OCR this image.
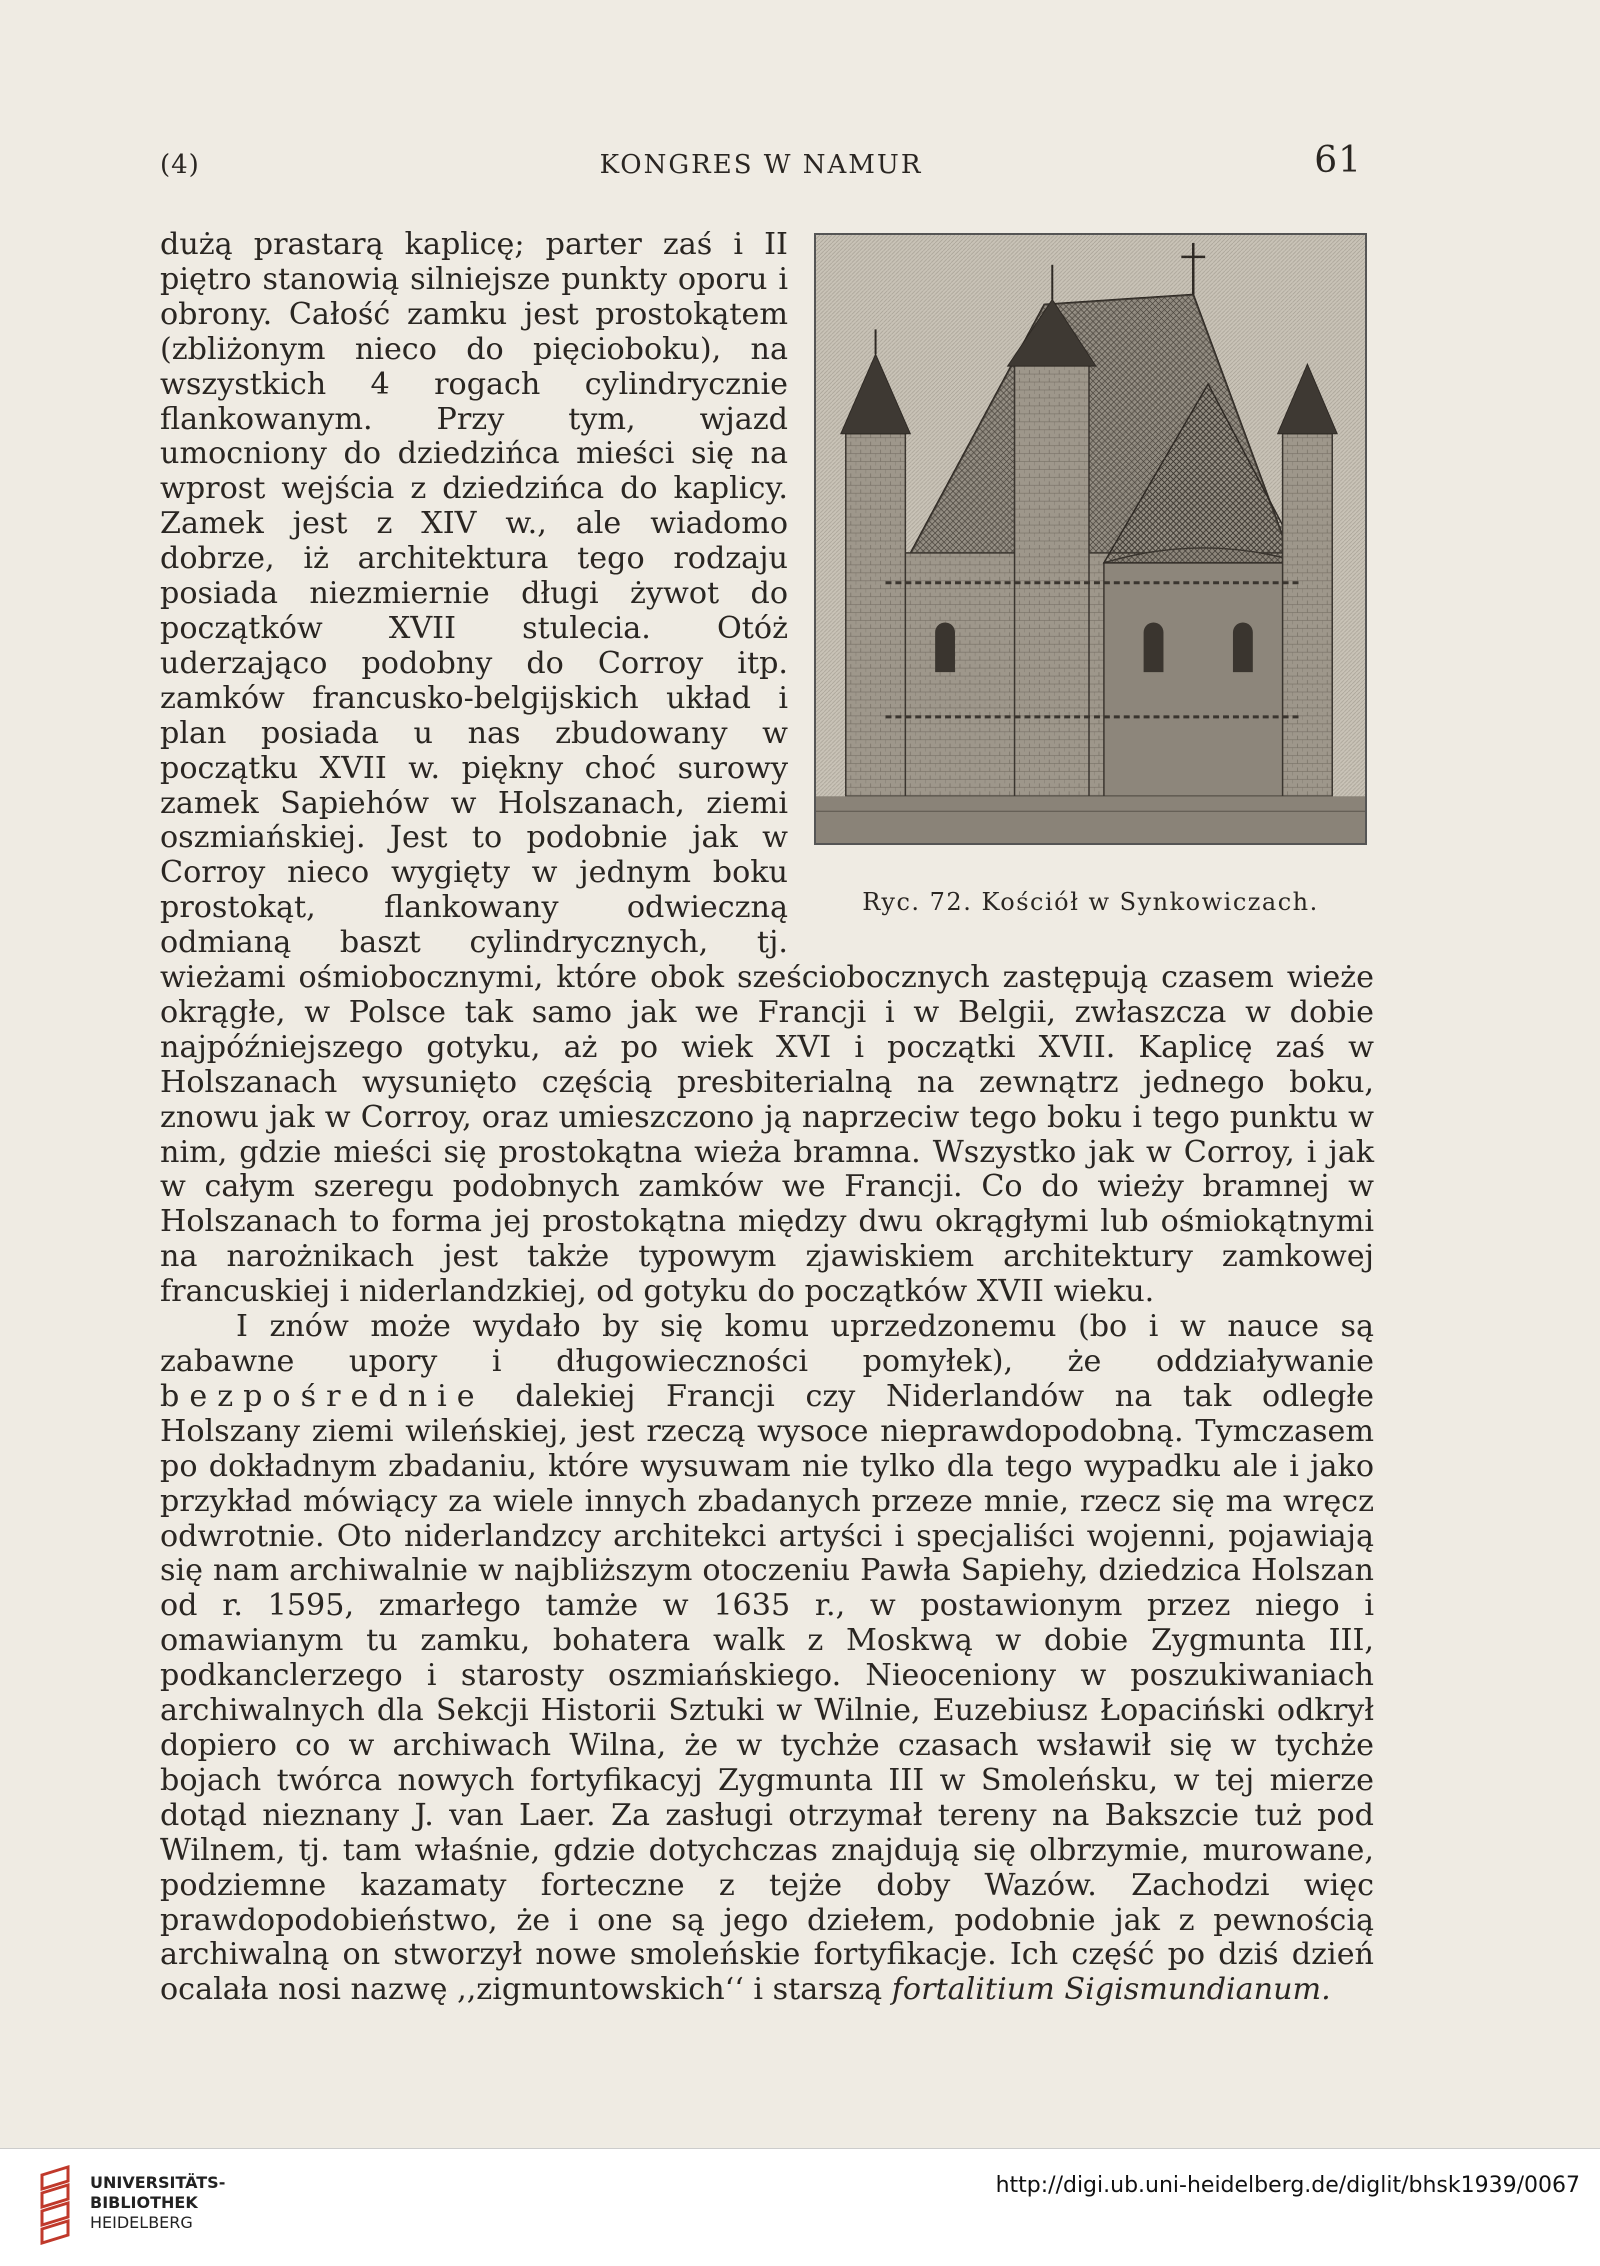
(4)	KONGRES W NAMUR	61
Ryc. 72. Kościół w Synkowiczach.

dużą prastarą kaplicę; parter zaś i II piętro stanowią silniejsze punkty oporu i obrony. Całość zamku jest prostokątem (zbliżonym nieco do pięcioboku), na wszystkich 4 rogach cylindrycznie flankowanym. Przy tym, wjazd umocniony do dziedzińca mieści się na wprost wejścia z dziedzińca do kaplicy. Zamek jest z XIV w., ale wiadomo dobrze, iż architektura tego rodzaju posiada niezmiernie długi żywot do początków XVII stulecia. Otóż uderzająco podobny do Corroy itp. zamków francusko-belgijskich układ i plan posiada u nas zbudowany w początku XVII w. piękny choć surowy zamek Sapiehów w Holszanach, ziemi oszmiańskiej. Jest to podobnie jak w Corroy nieco wygięty w jednym boku prostokąt, flankowany odwieczną odmianą baszt cylindrycznych, tj. wieżami ośmiobocznymi, które obok sześciobocznych zastępują czasem wieże okrągłe, w Polsce tak samo jak we Francji i w Belgii, zwłaszcza w dobie najpóźniejszego gotyku, aż po wiek XVI i początki XVII. Kaplicę zaś w Holszanach wysunięto częścią presbiterialną na zewnątrz jednego boku, znowu jak w Corroy, oraz umieszczono ją naprzeciw tego boku i tego punktu w nim, gdzie mieści się prostokątna wieża bramna. Wszystko jak w Corroy, i jak w całym szeregu podobnych zamków we Francji. Co do wieży bramnej w Holszanach to forma jej prostokątna między dwu okrągłymi lub ośmiokątnymi na narożnikach jest także typowym zjawiskiem architektury zamkowej francuskiej i niderlandzkiej, od gotyku do początków XVII wieku.

I znów może wydało by się komu uprzedzonemu (bo i w nauce są zabawne upory i długowieczności pomyłek), że oddziaływanie bezpośrednie dalekiej Francji czy Niderlandów na tak odległe Holszany ziemi wileńskiej, jest rzeczą wysoce nieprawdopodobną. Tymczasem po dokładnym zbadaniu, które wysuwam nie tylko dla tego wypadku ale i jako przykład mówiący za wiele innych zbadanych przeze mnie, rzecz się ma wręcz odwrotnie. Oto niderlandzcy architekci artyści i specjaliści wojenni, pojawiają się nam archiwalnie w najbliższym otoczeniu Pawła Sapiehy, dziedzica Holszan od r. 1595, zmarłego tamże w 1635 r., w postawionym przez niego i omawianym tu zamku, bohatera walk z Moskwą w dobie Zygmunta III, podkanclerzego i starosty oszmiańskiego. Nieoceniony w poszukiwaniach archiwalnych dla Sekcji Historii Sztuki w Wilnie, Euzebiusz Łopaciński odkrył dopiero co w archiwach Wilna, że w tychże czasach wsławił się w tychże bojach twórca nowych fortyfikacyj Zygmunta III w Smoleńsku, w tej mierze dotąd nieznany J. van Laer. Za zasługi otrzymał tereny na Bakszcie tuż pod Wilnem, tj. tam właśnie, gdzie dotychczas znajdują się olbrzymie, murowane, podziemne kazamaty forteczne z tejże doby Wazów. Zachodzi więc prawdopodobieństwo, że i one są jego dziełem, podobnie jak z pewnością archiwalną on stworzył nowe smoleńskie fortyfikacje. Ich część po dziś dzień ocalała nosi nazwę ,,zigmuntowskich‘‘ i starszą fortalitium Sigismundianum.

UNIVERSITÄTS-
BIBLIOTHEK
HEIDELBERG
http://digi.ub.uni-heidelberg.de/diglit/bhsk1939/0067
